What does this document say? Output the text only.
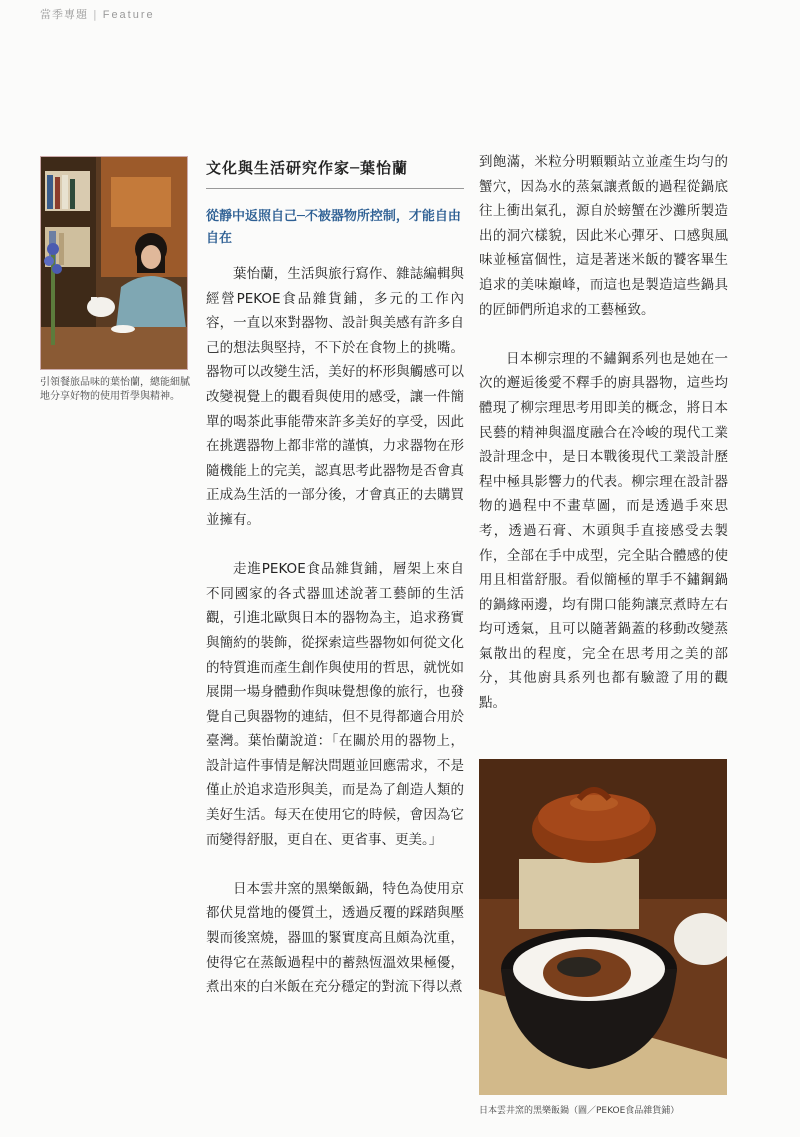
當季專題 | Feature
引領餐旅品味的葉怡蘭，總能細膩地分享好物的使用哲學與精神。
文化與生活研究作家─葉怡蘭
從靜中返照自己─不被器物所控制，才能自由自在

葉怡蘭，生活與旅行寫作、雜誌編輯與經營PEKOE食品雜貨鋪，多元的工作內容，一直以來對器物、設計與美感有許多自己的想法與堅持，不下於在食物上的挑嘴。器物可以改變生活，美好的杯形與觸感可以改變視覺上的觀看與使用的感受，讓一件簡單的喝茶此事能帶來許多美好的享受，因此在挑選器物上都非常的謹慎，力求器物在形隨機能上的完美，認真思考此器物是否會真正成為生活的一部分後，才會真正的去購買並擁有。

走進PEKOE食品雜貨鋪，層架上來自不同國家的各式器皿述說著工藝師的生活觀，引進北歐與日本的器物為主，追求務實與簡約的裝飾，從探索這些器物如何從文化的特質進而產生創作與使用的哲思，就恍如展開一場身體動作與味覺想像的旅行，也發覺自己與器物的連結，但不見得都適合用於臺灣。葉怡蘭說道：「在關於用的器物上，設計這件事情是解決問題並回應需求，不是僅止於追求造形與美，而是為了創造人類的美好生活。每天在使用它的時候，會因為它而變得舒服，更自在、更省事、更美。」

日本雲井窯的黑樂飯鍋，特色為使用京都伏見當地的優質土，透過反覆的踩踏與壓製而後窯燒，器皿的緊實度高且頗為沈重，使得它在蒸飯過程中的蓄熱恆溫效果極優，煮出來的白米飯在充分穩定的對流下得以煮

到飽滿，米粒分明顆顆站立並產生均勻的蟹穴，因為水的蒸氣讓煮飯的過程從鍋底往上衝出氣孔，源自於螃蟹在沙灘所製造出的洞穴樣貌，因此米心彈牙、口感與風味並極富個性，這是著迷米飯的饕客畢生追求的美味巔峰，而這也是製造這些鍋具的匠師們所追求的工藝極致。

日本柳宗理的不鏽鋼系列也是她在一次的邂逅後愛不釋手的廚具器物，這些均體現了柳宗理思考用即美的概念，將日本民藝的精神與溫度融合在冷峻的現代工業設計理念中，是日本戰後現代工業設計歷程中極具影響力的代表。柳宗理在設計器物的過程中不畫草圖，而是透過手來思考，透過石膏、木頭與手直接感受去製作，全部在手中成型，完全貼合體感的使用且相當舒服。看似簡極的單手不鏽鋼鍋的鍋緣兩邊，均有開口能夠讓烹煮時左右均可透氣，且可以隨著鍋蓋的移動改變蒸氣散出的程度，完全在思考用之美的部分，其他廚具系列也都有驗證了用的觀點。

日本雲井窯的黑樂飯鍋（圖／PEKOE食品雜貨鋪）
